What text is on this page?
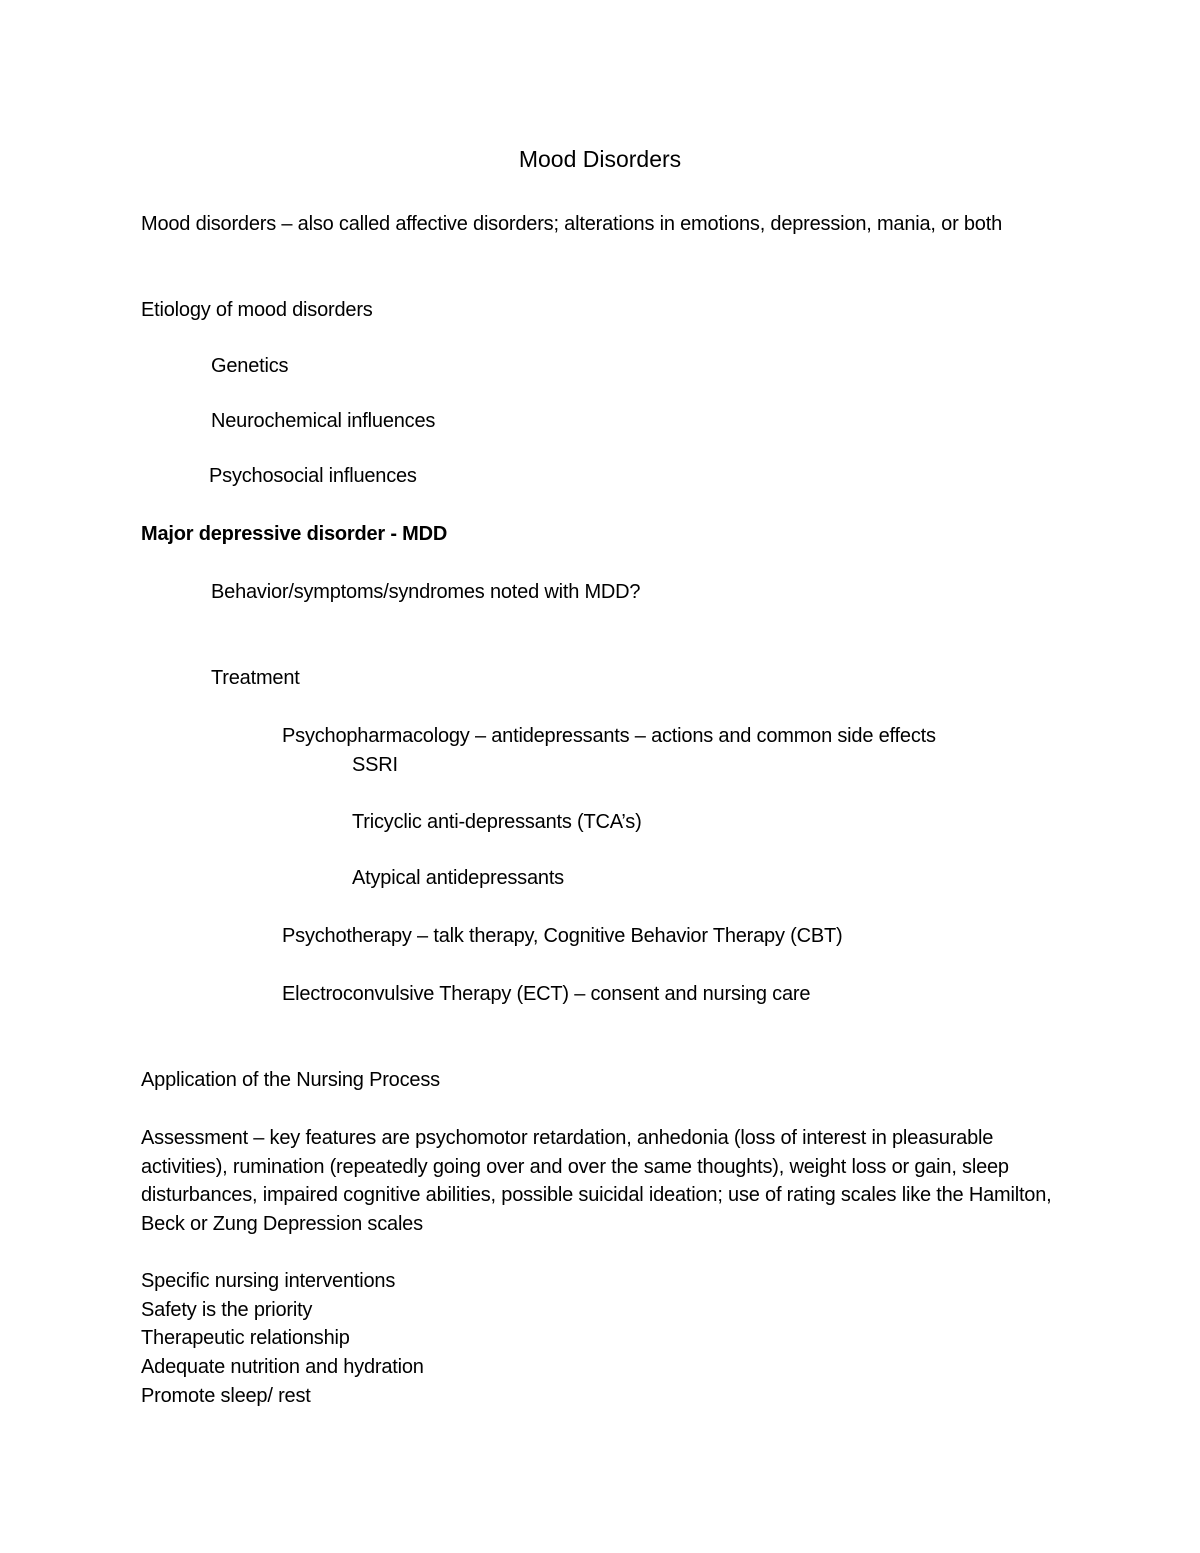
Mood Disorders
Mood disorders – also called affective disorders; alterations in emotions, depression, mania, or both
Etiology of mood disorders
Genetics
Neurochemical influences
Psychosocial influences
Major depressive disorder - MDD
Behavior/symptoms/syndromes noted with MDD?
Treatment
Psychopharmacology – antidepressants – actions and common side effects
SSRI
Tricyclic anti-depressants (TCA’s)
Atypical antidepressants
Psychotherapy – talk therapy, Cognitive Behavior Therapy (CBT)
Electroconvulsive Therapy (ECT) – consent and nursing care
Application of the Nursing Process
Assessment – key features are psychomotor retardation, anhedonia (loss of interest in pleasurable activities), rumination (repeatedly going over and over the same thoughts), weight loss or gain, sleep disturbances, impaired cognitive abilities, possible suicidal ideation; use of rating scales like the Hamilton, Beck or Zung Depression scales
Specific nursing interventions
Safety is the priority
Therapeutic relationship
Adequate nutrition and hydration
Promote sleep/ rest
